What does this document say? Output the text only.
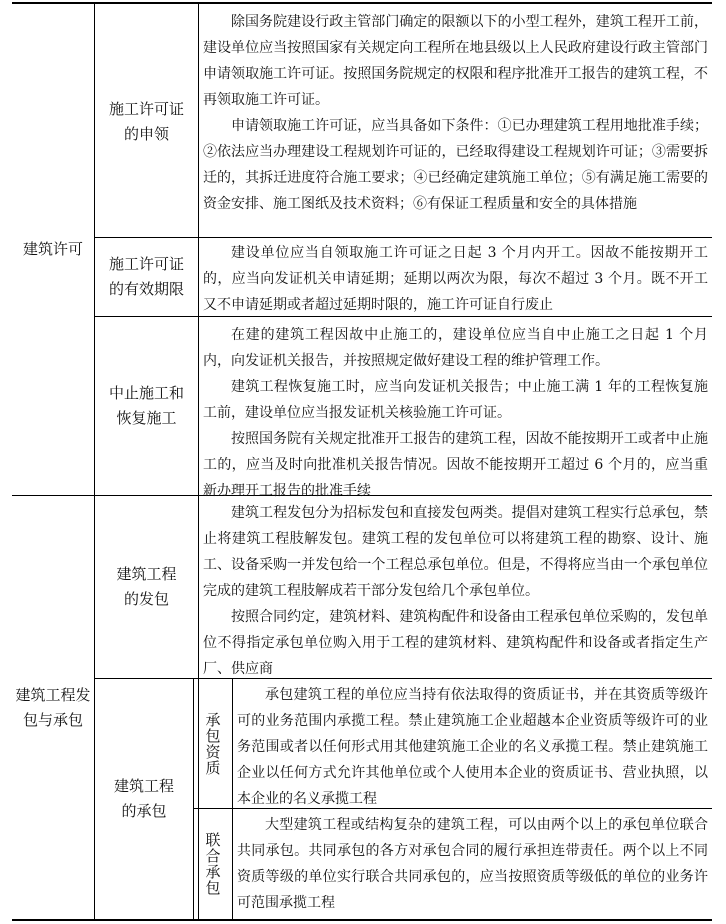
建筑许可
施工许可证的申领

除国务院建设行政主管部门确定的限额以下的小型工程外，建筑工程开工前，建设单位应当按照国家有关规定向工程所在地县级以上人民政府建设行政主管部门申请领取施工许可证。按照国务院规定的权限和程序批准开工报告的建筑工程，不再领取施工许可证。

申请领取施工许可证，应当具备如下条件：①已办理建筑工程用地批准手续；②依法应当办理建设工程规划许可证的，已经取得建设工程规划许可证；③需要拆迁的，其拆迁进度符合施工要求；④已经确定建筑施工单位；⑤有满足施工需要的资金安排、施工图纸及技术资料；⑥有保证工程质量和安全的具体措施

施工许可证的有效期限

建设单位应当自领取施工许可证之日起 3 个月内开工。因故不能按期开工的，应当向发证机关申请延期；延期以两次为限，每次不超过 3 个月。既不开工又不申请延期或者超过延期时限的，施工许可证自行废止

中止施工和恢复施工

在建的建筑工程因故中止施工的，建设单位应当自中止施工之日起 1 个月内，向发证机关报告，并按照规定做好建设工程的维护管理工作。

建筑工程恢复施工时，应当向发证机关报告；中止施工满 1 年的工程恢复施工前，建设单位应当报发证机关核验施工许可证。

按照国务院有关规定批准开工报告的建筑工程，因故不能按期开工或者中止施工的，应当及时向批准机关报告情况。因故不能按期开工超过 6 个月的，应当重新办理开工报告的批准手续

建筑工程发包与承包
建筑工程的发包

建筑工程发包分为招标发包和直接发包两类。提倡对建筑工程实行总承包，禁止将建筑工程肢解发包。建筑工程的发包单位可以将建筑工程的勘察、设计、施工、设备采购一并发包给一个工程总承包单位。但是，不得将应当由一个承包单位完成的建筑工程肢解成若干部分发包给几个承包单位。

按照合同约定，建筑材料、建筑构配件和设备由工程承包单位采购的，发包单位不得指定承包单位购入用于工程的建筑材料、建筑构配件和设备或者指定生产厂、供应商

建筑工程的承包
承包资质

承包建筑工程的单位应当持有依法取得的资质证书，并在其资质等级许可的业务范围内承揽工程。禁止建筑施工企业超越本企业资质等级许可的业务范围或者以任何形式用其他建筑施工企业的名义承揽工程。禁止建筑施工企业以任何方式允许其他单位或个人使用本企业的资质证书、营业执照，以本企业的名义承揽工程

联合承包

大型建筑工程或结构复杂的建筑工程，可以由两个以上的承包单位联合共同承包。共同承包的各方对承包合同的履行承担连带责任。两个以上不同资质等级的单位实行联合共同承包的，应当按照资质等级低的单位的业务许可范围承揽工程
